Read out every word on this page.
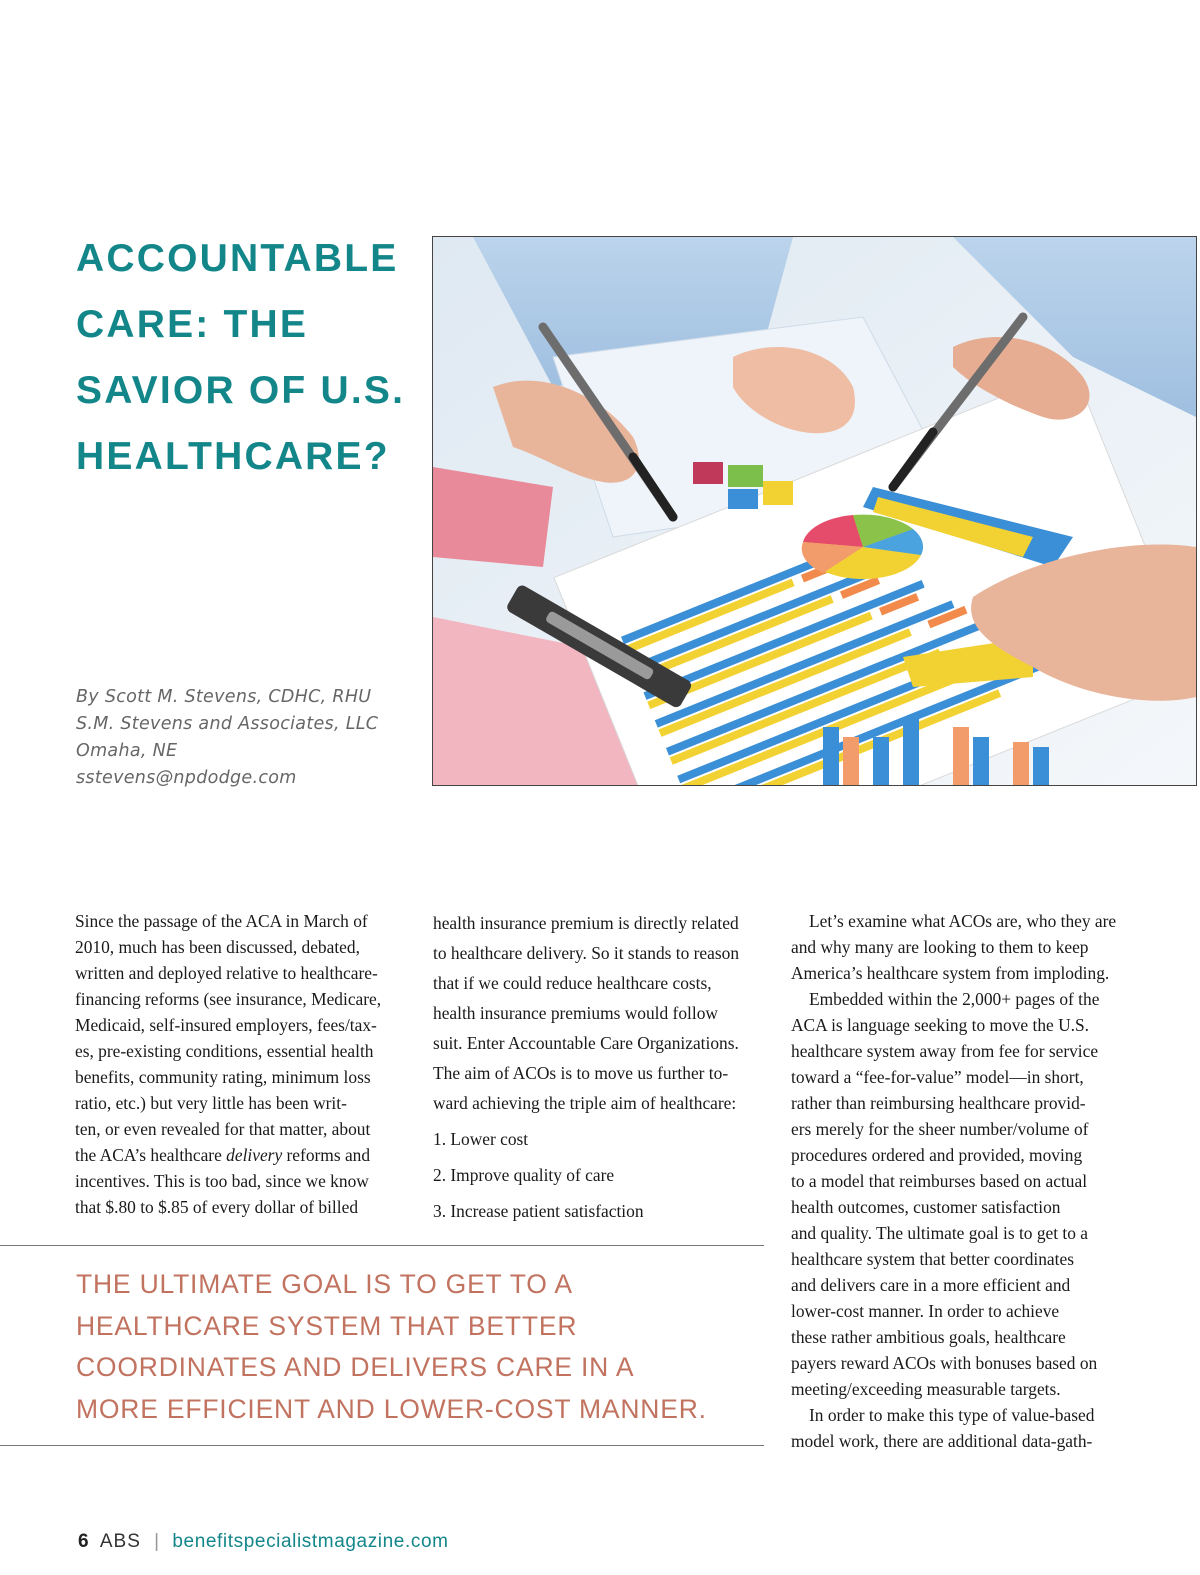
ACCOUNTABLE
CARE: THE
SAVIOR OF U.S.
HEALTHCARE?
By Scott M. Stevens, CDHC, RHU
S.M. Stevens and Associates, LLC
Omaha, NE
sstevens@npdodge.com
Since the passage of the ACA in March of
2010, much has been discussed, debated,
written and deployed relative to healthcare-
financing reforms (see insurance, Medicare,
Medicaid, self-insured employers, fees/tax-
es, pre-existing conditions, essential health
benefits, community rating, minimum loss
ratio, etc.) but very little has been writ-
ten, or even revealed for that matter, about
the ACA’s healthcare delivery reforms and
incentives. This is too bad, since we know
that $.80 to $.85 of every dollar of billed
health insurance premium is directly related
to healthcare delivery. So it stands to reason
that if we could reduce healthcare costs,
health insurance premiums would follow
suit. Enter Accountable Care Organizations.
The aim of ACOs is to move us further to-
ward achieving the triple aim of healthcare:
1. Lower cost
2. Improve quality of care
3. Increase patient satisfaction
Let’s examine what ACOs are, who they are
and why many are looking to them to keep
America’s healthcare system from imploding.
Embedded within the 2,000+ pages of the
ACA is language seeking to move the U.S.
healthcare system away from fee for service
toward a “fee-for-value” model—in short,
rather than reimbursing healthcare provid-
ers merely for the sheer number/volume of
procedures ordered and provided, moving
to a model that reimburses based on actual
health outcomes, customer satisfaction
and quality. The ultimate goal is to get to a
healthcare system that better coordinates
and delivers care in a more efficient and
lower-cost manner. In order to achieve
these rather ambitious goals, healthcare
payers reward ACOs with bonuses based on
meeting/exceeding measurable targets.
In order to make this type of value-based
model work, there are additional data-gath-
THE ULTIMATE GOAL IS TO GET TO A
HEALTHCARE SYSTEM THAT BETTER
COORDINATES AND DELIVERS CARE IN A
MORE EFFICIENT AND LOWER-COST MANNER.
6 ABS | benefitspecialistmagazine.com
